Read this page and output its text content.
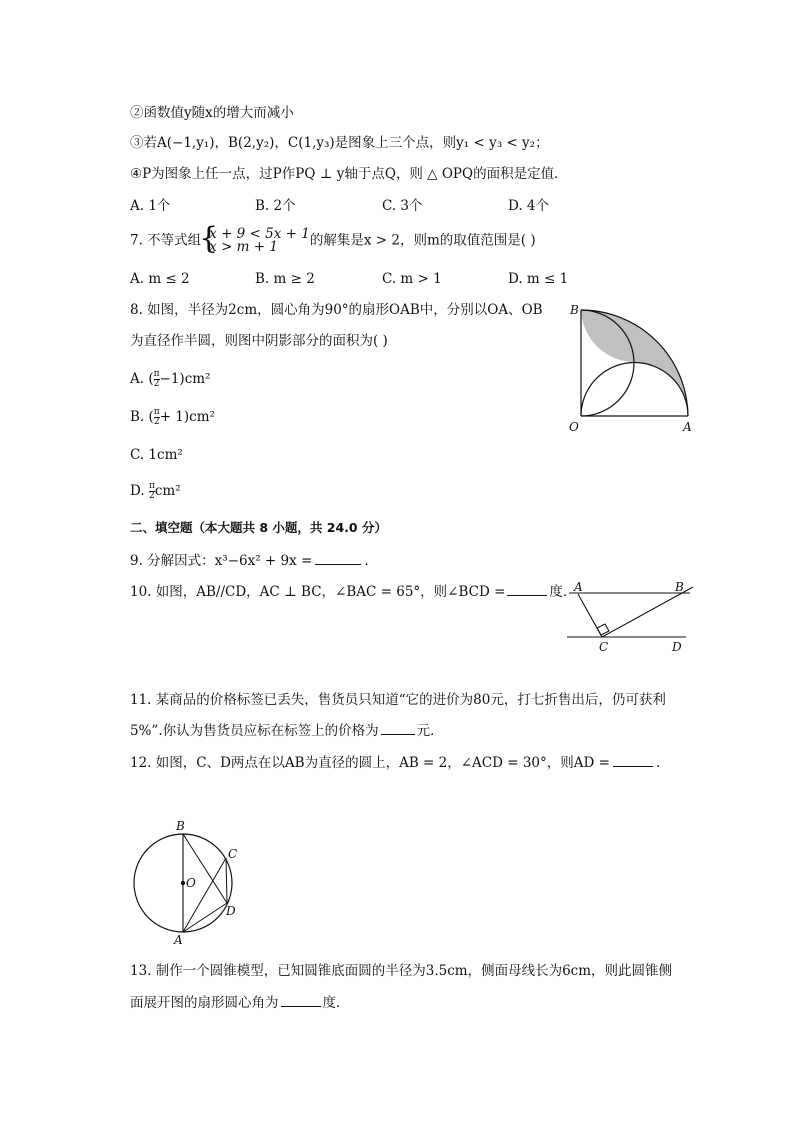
②函数值y随x的增大而减小
③若A(−1,y₁)，B(2,y₂)，C(1,y₃)是图象上三个点，则y₁ < y₃ < y₂；
④P为图象上任一点，过P作PQ ⊥ y轴于点Q，则 △ OPQ的面积是定值．
A. 1个	B. 2个	C. 3个	D. 4个
7. 不等式组
{ x + 9 < 5x + 1
x > m + 1	的解集是x > 2，则m的取值范围是( )
A. m ≤ 2	B. m ≥ 2	C. m > 1	D. m ≤ 1
8. 如图，半径为2cm，圆心角为90°的扇形OAB中，分别以OA、OB
为直径作半圆，则图中阴影部分的面积为( )
A. ( $\frac{\pi}{2} -1)cm^2$
B. ( $\frac{\pi}{2} + 1)cm^2$
C. 1cm²
D. $\frac{\pi}{2} cm^2$
B
O	A
二、填空题（本大题共 8 小题，共 24.0 分）
9. 分解因式：x³−6x² + 9x =	.
10. 如图，AB//CD，AC ⊥ BC，∠BAC = 65°，则∠BCD =	度．
A	B
C	D
11. 某商品的价格标签已丢失，售货员只知道“它的进价为80元，打七折售出后，仍可获利
5%”.你认为售货员应标在标签上的价格为	元．
12. 如图，C、D两点在以AB为直径的圆上，AB = 2，∠ACD = 30°，则AD =	.
B
C
O
D
A
13. 制作一个圆锥模型，已知圆锥底面圆的半径为3.5cm，侧面母线长为6cm，则此圆锥侧
面展开图的扇形圆心角为	度．
